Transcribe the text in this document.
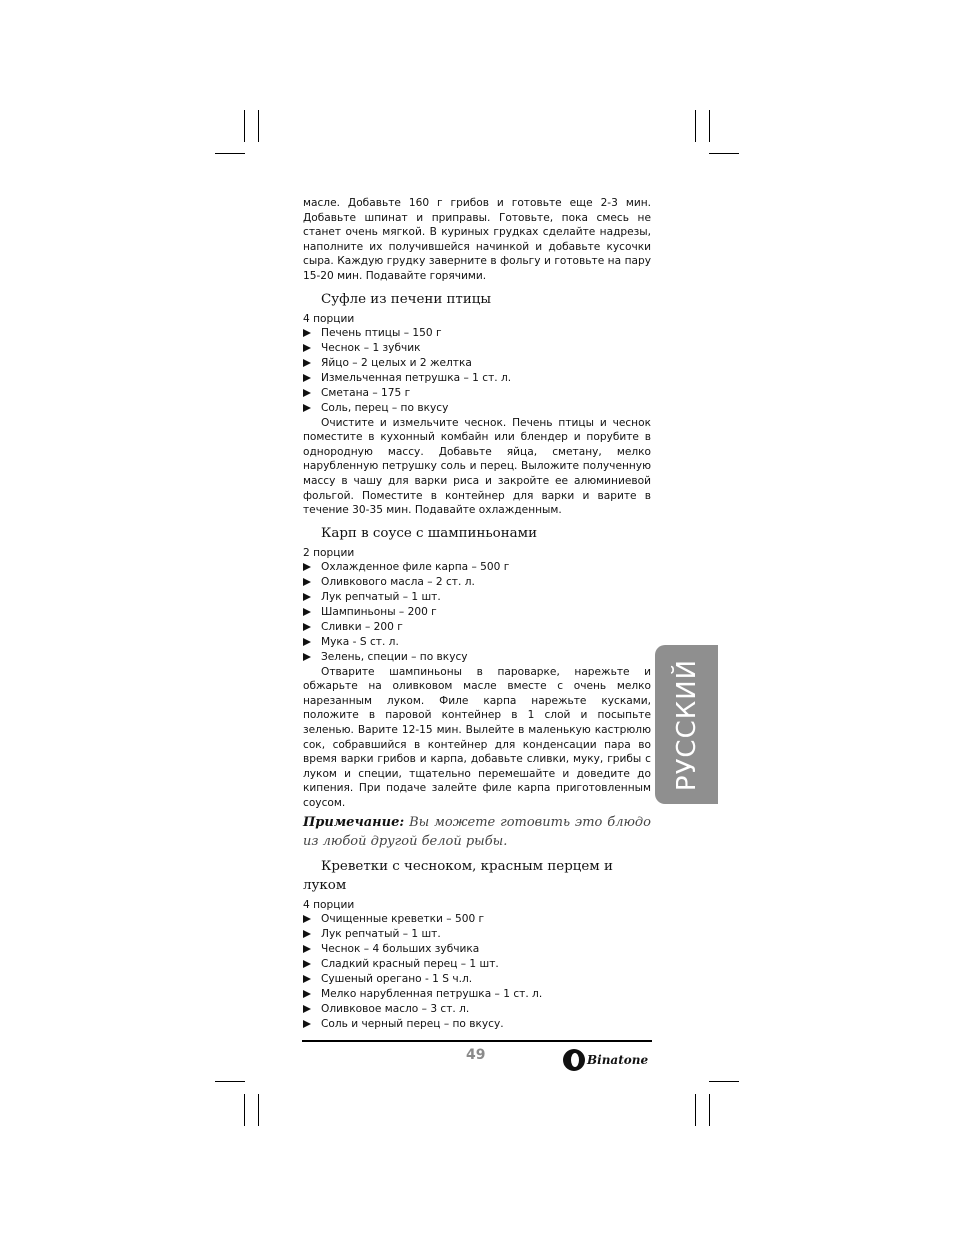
масле. Добавьте 160 г грибов и готовьте еще 2-3 мин. Добавьте шпинат и приправы. Готовьте, пока смесь не станет очень мягкой. В куриных грудках сделайте надрезы, наполните их получившейся начинкой и добавьте кусочки сыра. Каждую грудку заверните в фольгу и готовьте на пару 15-20 мин. Подавайте горячими.

Суфле из печени птицы
4 порции
Печень птицы – 150 г
Чеснок – 1 зубчик
Яйцо – 2 целых и 2 желтка
Измельченная петрушка – 1 ст. л.
Сметана – 175 г
Соль, перец – по вкусу

Очистите и измельчите чеснок. Печень птицы и чеснок поместите в кухонный комбайн или блендер и порубите в однородную массу. Добавьте яйца, сметану, мелко нарубленную петрушку соль и перец. Выложите полученную массу в чашу для варки риса и закройте ее алюминиевой фольгой. Поместите в контейнер для варки и варите в течение 30-35 мин. Подавайте охлажденным.

Карп в соусе с шампиньонами
2 порции
Охлажденное филе карпа – 500 г
Оливкового масла – 2 ст. л.
Лук репчатый – 1 шт.
Шампиньоны – 200 г
Сливки – 200 г
Мука - S ст. л.
Зелень, специи – по вкусу

Отварите шампиньоны в пароварке, нарежьте и обжарьте на оливковом масле вместе с очень мелко нарезанным луком. Филе карпа нарежьте кусками, положите в паровой контейнер в 1 слой и посыпьте зеленью. Варите 12-15 мин. Вылейте в маленькую кастрюлю сок, собравшийся в контейнер для конденсации пара во время варки грибов и карпа, добавьте сливки, муку, грибы с луком и специи, тщательно перемешайте и доведите до кипения. При подаче залейте филе карпа приготовленным соусом.

Примечание: Вы можете готовить это блюдо из любой другой белой рыбы.

Креветки с чесноком, красным перцем и луком
4 порции
Очищенные креветки – 500 г
Лук репчатый – 1 шт.
Чеснок – 4 больших зубчика
Сладкий красный перец – 1 шт.
Сушеный орегано - 1 S ч.л.
Мелко нарубленная петрушка – 1 ст. л.
Оливковое масло – 3 ст. л.
Соль и черный перец – по вкусу.
РУССКИЙ
49	Binatone
